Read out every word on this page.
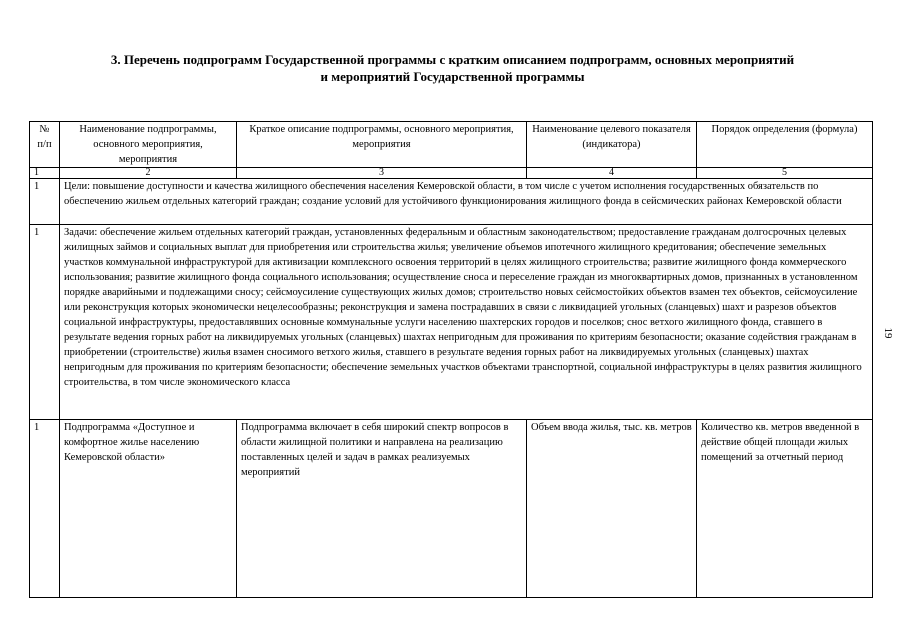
3. Перечень подпрограмм Государственной программы с кратким описанием подпрограмм, основных мероприятий
и мероприятий Государственной программы
№ п/п	Наименование подпрограммы, основного мероприятия, мероприятия	Краткое описание подпрограммы, основного мероприятия, мероприятия	Наименование целевого показателя (индикатора)	Порядок определения (формула)
1	2	3	4	5
1	Цели: повышение доступности и качества жилищного обеспечения населения Кемеровской области, в том числе с учетом исполнения государственных обязательств по обеспечению жильем отдельных категорий граждан; создание условий для устойчивого функционирования жилищного фонда в сейсмических районах Кемеровской области			
1	Задачи: обеспечение жильем отдельных категорий граждан, установленных федеральным и областным законодательством; предоставление гражданам долгосрочных целевых жилищных займов и социальных выплат для приобретения или строительства жилья; увеличение объемов ипотечного жилищного кредитования; обеспечение земельных участков коммунальной инфраструктурой для активизации комплексного освоения территорий в целях жилищного строительства; развитие жилищного фонда коммерческого использования; развитие жилищного фонда социального использования; осуществление сноса и переселение граждан из многоквартирных домов, признанных в установленном порядке аварийными и подлежащими сносу; сейсмоусиление существующих жилых домов; строительство новых сейсмостойких объектов взамен тех объектов, сейсмоусиление или реконструкция которых экономически нецелесообразны; реконструкция и замена пострадавших в связи с ликвидацией угольных (сланцевых) шахт и разрезов объектов социальной инфраструктуры, предоставлявших основные коммунальные услуги населению шахтерских городов и поселков; снос ветхого жилищного фонда, ставшего в результате ведения горных работ на ликвидируемых угольных (сланцевых) шахтах непригодным для проживания по критериям безопасности; оказание содействия гражданам в приобретении (строительстве) жилья взамен сносимого ветхого жилья, ставшего в результате ведения горных работ на ликвидируемых угольных (сланцевых) шахтах непригодным для проживания по критериям безопасности; обеспечение земельных участков объектами транспортной, социальной инфраструктуры в целях развития жилищного строительства, в том числе экономического класса			
1	Подпрограмма «Доступное и комфортное жилье населению Кемеровской области»	Подпрограмма включает в себя широкий спектр вопросов в области жилищной политики и направлена на реализацию поставленных целей и задач в рамках реализуемых мероприятий	Объем ввода жилья, тыс. кв. метров	Количество кв. метров введенной в действие общей площади жилых помещений за отчетный период
19
